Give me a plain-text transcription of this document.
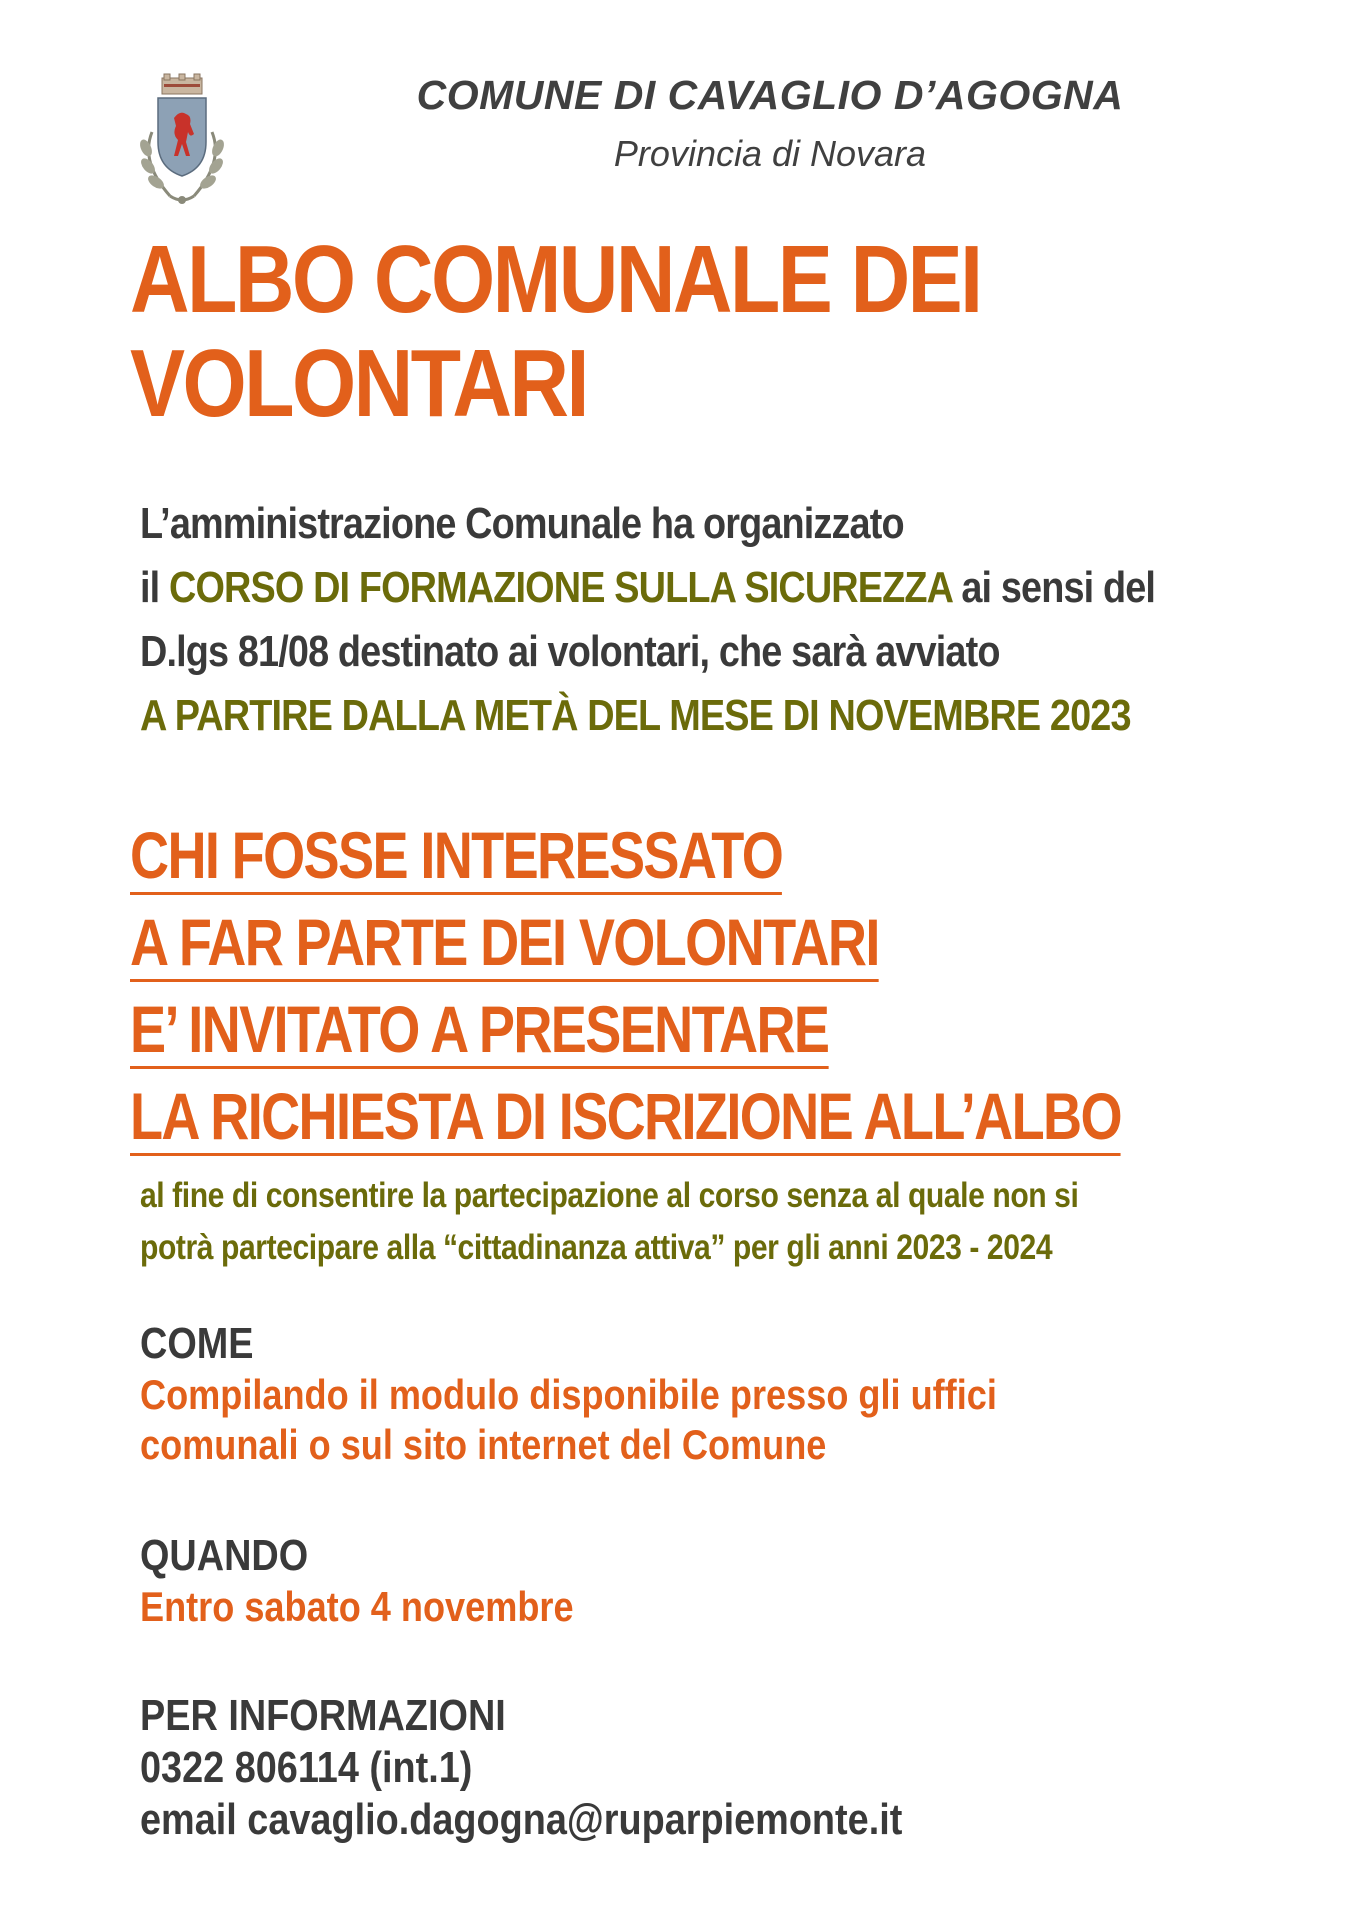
COMUNE DI CAVAGLIO D’AGOGNA
Provincia di Novara
ALBO COMUNALE DEI
VOLONTARI
L’amministrazione Comunale ha organizzato
il CORSO DI FORMAZIONE SULLA SICUREZZA ai sensi del
D.lgs 81/08 destinato ai volontari, che sarà avviato
A PARTIRE DALLA METÀ DEL MESE DI NOVEMBRE 2023
CHI FOSSE INTERESSATO
A FAR PARTE DEI VOLONTARI
E’ INVITATO A PRESENTARE
LA RICHIESTA DI ISCRIZIONE ALL’ALBO
al fine di consentire la partecipazione al corso senza al quale non si
potrà partecipare alla “cittadinanza attiva” per gli anni 2023 - 2024
COME
Compilando il modulo disponibile presso gli uffici
comunali o sul sito internet del Comune
QUANDO
Entro sabato 4 novembre
PER INFORMAZIONI
0322 806114 (int.1)
email cavaglio.dagogna@ruparpiemonte.it
